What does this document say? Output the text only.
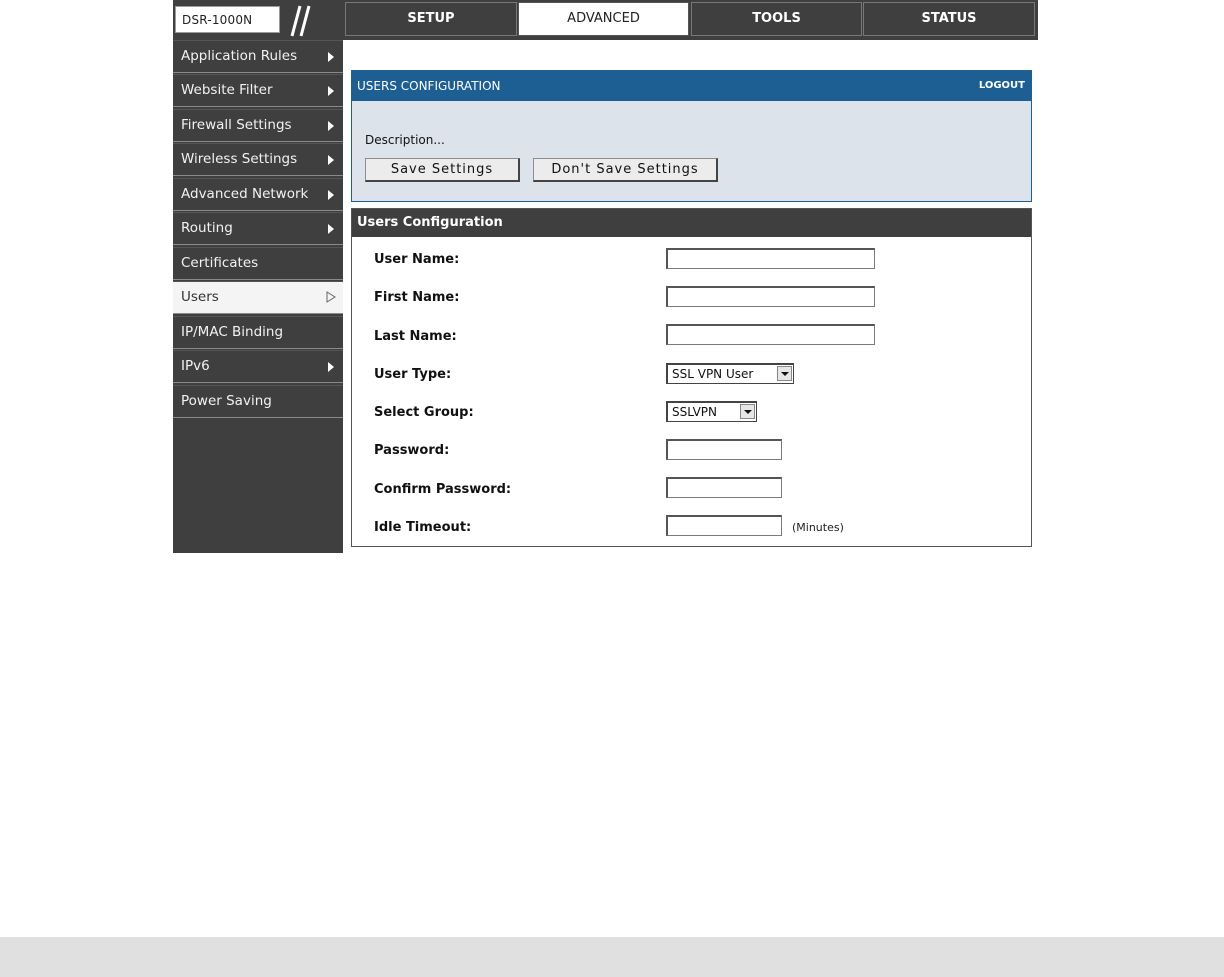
DSR-1000N	SETUP	ADVANCED	TOOLS	STATUS
Application Rules
Website Filter
Firewall Settings
Wireless Settings
Advanced Network
Routing
Certificates
Users
IP/MAC Binding
IPv6
Power Saving
USERS CONFIGURATION	LOGOUT
Description...
Save Settings	Don't Save Settings
Users Configuration
User Name:
First Name:
Last Name:
User Type:	SSL VPN User
Select Group:	SSLVPN
Password:
Confirm Password:
Idle Timeout:	(Minutes)
